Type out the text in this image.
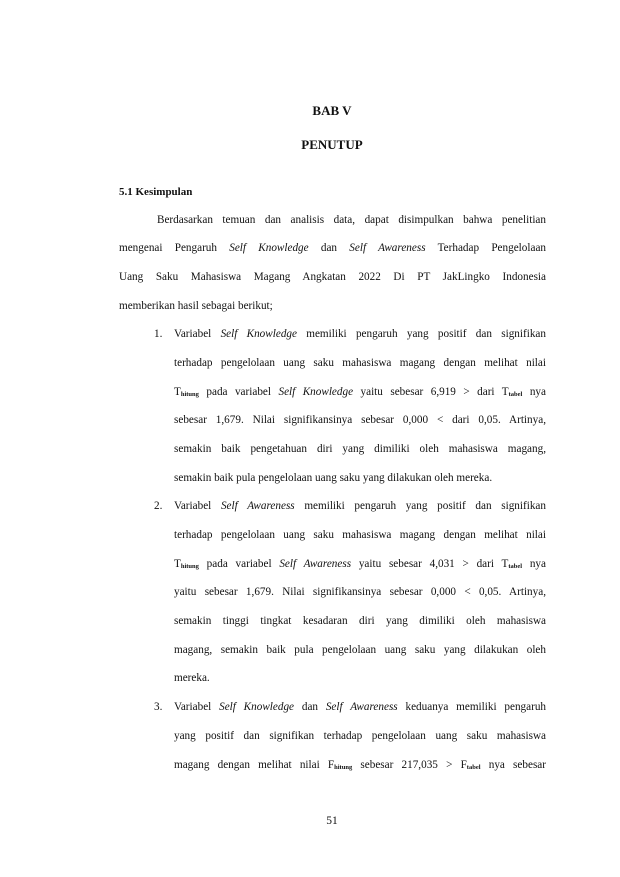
BAB V
PENUTUP
5.1 Kesimpulan
Berdasarkan temuan dan analisis data, dapat disimpulkan bahwa penelitian
mengenai Pengaruh Self Knowledge dan Self Awareness Terhadap Pengelolaan
Uang Saku Mahasiswa Magang Angkatan 2022 Di PT JakLingko Indonesia
memberikan hasil sebagai berikut;
1.	Variabel Self Knowledge memiliki pengaruh yang positif dan signifikan
terhadap pengelolaan uang saku mahasiswa magang dengan melihat nilai
$T_{hitung}$ pada variabel Self Knowledge yaitu sebesar 6,919 > dari $T_{tabel}$ nya
sebesar 1,679. Nilai signifikansinya sebesar 0,000 < dari 0,05. Artinya,
semakin baik pengetahuan diri yang dimiliki oleh mahasiswa magang,
semakin baik pula pengelolaan uang saku yang dilakukan oleh mereka.
2.	Variabel Self Awareness memiliki pengaruh yang positif dan signifikan
terhadap pengelolaan uang saku mahasiswa magang dengan melihat nilai
$T_{hitung}$ pada variabel Self Awareness yaitu sebesar 4,031 > dari $T_{tabel}$ nya
yaitu sebesar 1,679. Nilai signifikansinya sebesar 0,000 < 0,05. Artinya,
semakin tinggi tingkat kesadaran diri yang dimiliki oleh mahasiswa
magang, semakin baik pula pengelolaan uang saku yang dilakukan oleh
mereka.
3.	Variabel Self Knowledge dan Self Awareness keduanya memiliki pengaruh
yang positif dan signifikan terhadap pengelolaan uang saku mahasiswa
magang dengan melihat nilai $F_{hitung}$ sebesar $217,035 > F_{tabel}$ nya sebesar
51
